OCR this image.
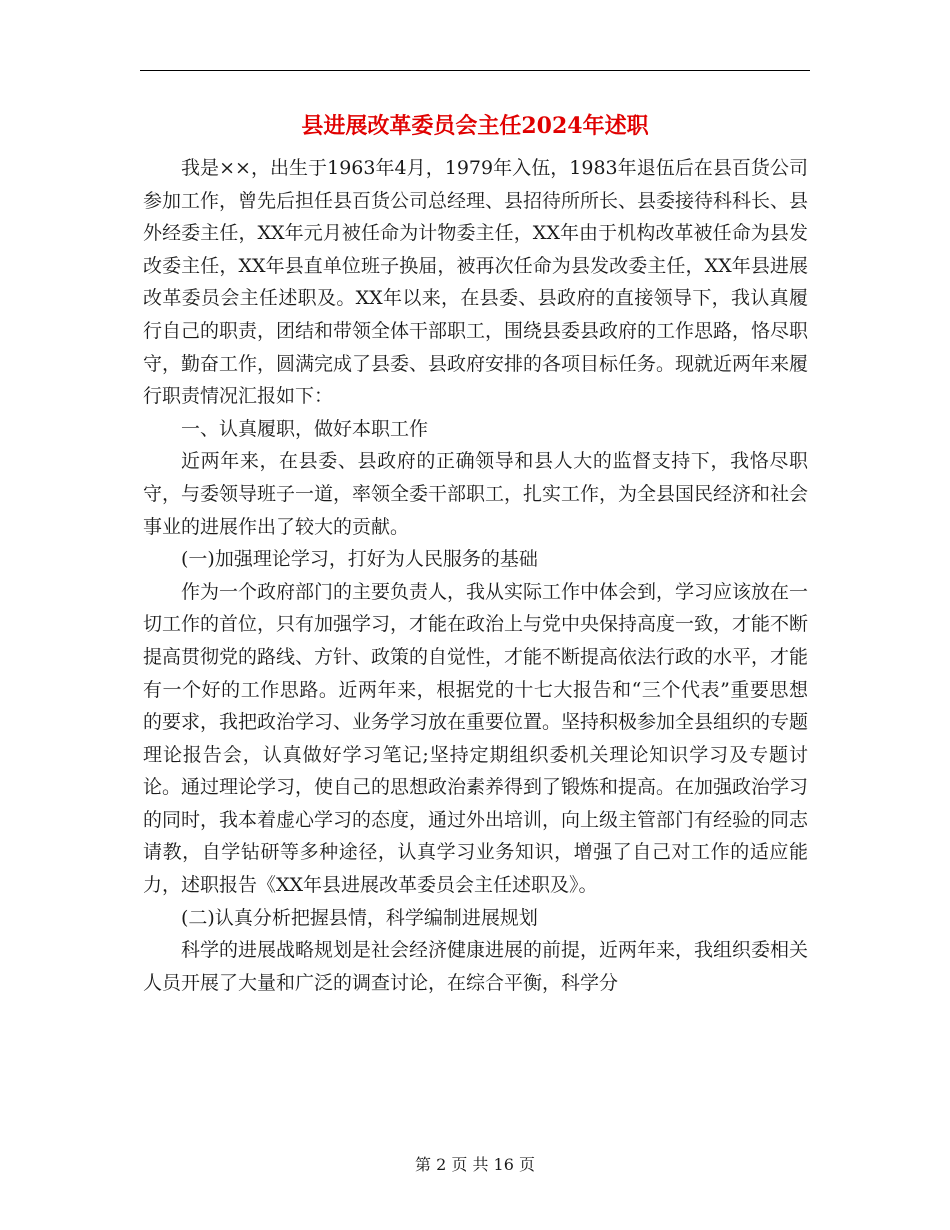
县进展改革委员会主任2024年述职

我是××，出生于1963年4月，1979年入伍，1983年退伍后在县百货公司参加工作，曾先后担任县百货公司总经理、县招待所所长、县委接待科科长、县外经委主任，XX年元月被任命为计物委主任，XX年由于机构改革被任命为县发改委主任，XX年县直单位班子换届，被再次任命为县发改委主任，XX年县进展改革委员会主任述职及。XX年以来，在县委、县政府的直接领导下，我认真履行自己的职责，团结和带领全体干部职工，围绕县委县政府的工作思路，恪尽职守，勤奋工作，圆满完成了县委、县政府安排的各项目标任务。现就近两年来履行职责情况汇报如下：

一、认真履职，做好本职工作

近两年来，在县委、县政府的正确领导和县人大的监督支持下，我恪尽职守，与委领导班子一道，率领全委干部职工，扎实工作，为全县国民经济和社会事业的进展作出了较大的贡献。

(一)加强理论学习，打好为人民服务的基础

作为一个政府部门的主要负责人，我从实际工作中体会到，学习应该放在一切工作的首位，只有加强学习，才能在政治上与党中央保持高度一致，才能不断提高贯彻党的路线、方针、政策的自觉性，才能不断提高依法行政的水平，才能有一个好的工作思路。近两年来，根据党的十七大报告和“三个代表”重要思想的要求，我把政治学习、业务学习放在重要位置。坚持积极参加全县组织的专题理论报告会，认真做好学习笔记;坚持定期组织委机关理论知识学习及专题讨论。通过理论学习，使自己的思想政治素养得到了锻炼和提高。在加强政治学习的同时，我本着虚心学习的态度，通过外出培训，向上级主管部门有经验的同志请教，自学钻研等多种途径，认真学习业务知识，增强了自己对工作的适应能力，述职报告《XX年县进展改革委员会主任述职及》。

(二)认真分析把握县情，科学编制进展规划

科学的进展战略规划是社会经济健康进展的前提，近两年来，我组织委相关人员开展了大量和广泛的调查讨论，在综合平衡，科学分

第 2 页 共 16 页
